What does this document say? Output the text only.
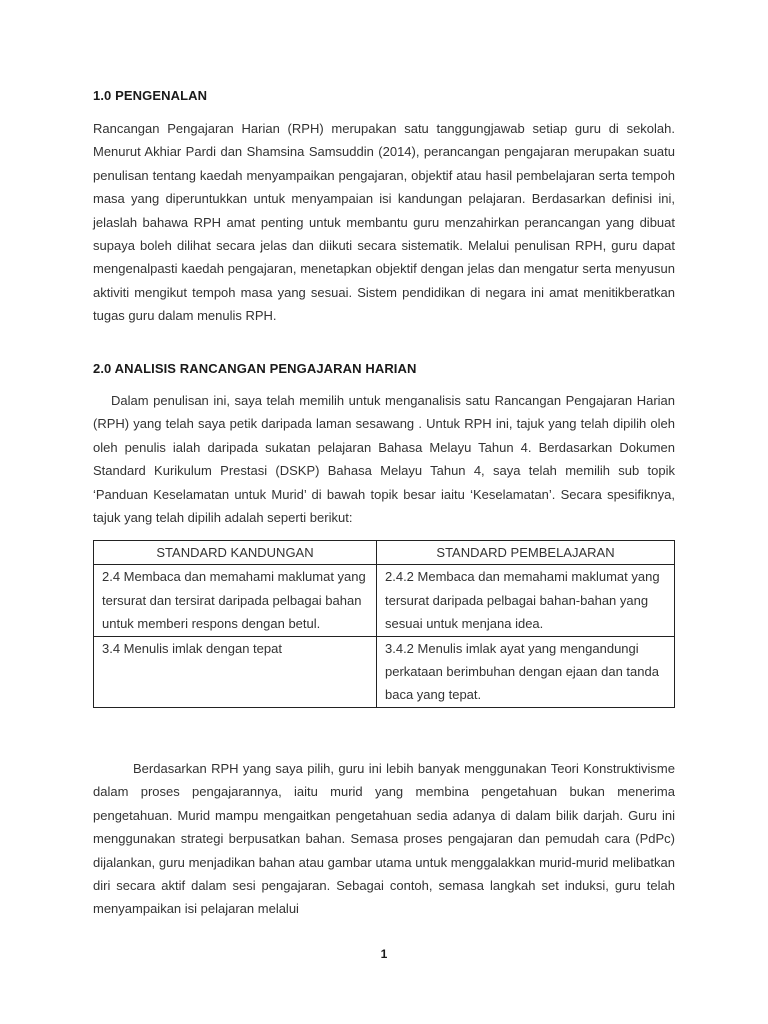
1.0 PENGENALAN

Rancangan Pengajaran Harian (RPH) merupakan satu tanggungjawab setiap guru di sekolah. Menurut Akhiar Pardi dan Shamsina Samsuddin (2014), perancangan pengajaran merupakan suatu penulisan tentang kaedah menyampaikan pengajaran, objektif atau hasil pembelajaran serta tempoh masa yang diperuntukkan untuk menyampaian isi kandungan pelajaran. Berdasarkan definisi ini, jelaslah bahawa RPH amat penting untuk membantu guru menzahirkan perancangan yang dibuat supaya boleh dilihat secara jelas dan diikuti secara sistematik. Melalui penulisan RPH, guru dapat mengenalpasti kaedah pengajaran, menetapkan objektif dengan jelas dan mengatur serta menyusun aktiviti mengikut tempoh masa yang sesuai. Sistem pendidikan di negara ini amat menitikberatkan tugas guru dalam menulis RPH.

2.0 ANALISIS RANCANGAN PENGAJARAN HARIAN

Dalam penulisan ini, saya telah memilih untuk menganalisis satu Rancangan Pengajaran Harian (RPH) yang telah saya petik daripada laman sesawang . Untuk RPH ini, tajuk yang telah dipilih oleh oleh penulis ialah daripada sukatan pelajaran Bahasa Melayu Tahun 4. Berdasarkan Dokumen Standard Kurikulum Prestasi (DSKP) Bahasa Melayu Tahun 4, saya telah memilih sub topik ‘Panduan Keselamatan untuk Murid’ di bawah topik besar iaitu ‘Keselamatan’. Secara spesifiknya, tajuk yang telah dipilih adalah seperti berikut:

STANDARD KANDUNGAN	STANDARD PEMBELAJARAN
2.4 Membaca dan memahami maklumat yang tersurat dan tersirat daripada pelbagai bahan untuk memberi respons dengan betul.	2.4.2 Membaca dan memahami maklumat yang tersurat daripada pelbagai bahan-bahan yang sesuai untuk menjana idea.
3.4 Menulis imlak dengan tepat	3.4.2 Menulis imlak ayat yang mengandungi perkataan berimbuhan dengan ejaan dan tanda baca yang tepat.

Berdasarkan RPH yang saya pilih, guru ini lebih banyak menggunakan Teori Konstruktivisme dalam proses pengajarannya, iaitu murid yang membina pengetahuan bukan menerima pengetahuan. Murid mampu mengaitkan pengetahuan sedia adanya di dalam bilik darjah. Guru ini menggunakan strategi berpusatkan bahan. Semasa proses pengajaran dan pemudah cara (PdPc) dijalankan, guru menjadikan bahan atau gambar utama untuk menggalakkan murid-murid melibatkan diri secara aktif dalam sesi pengajaran. Sebagai contoh, semasa langkah set induksi, guru telah menyampaikan isi pelajaran melalui

1
